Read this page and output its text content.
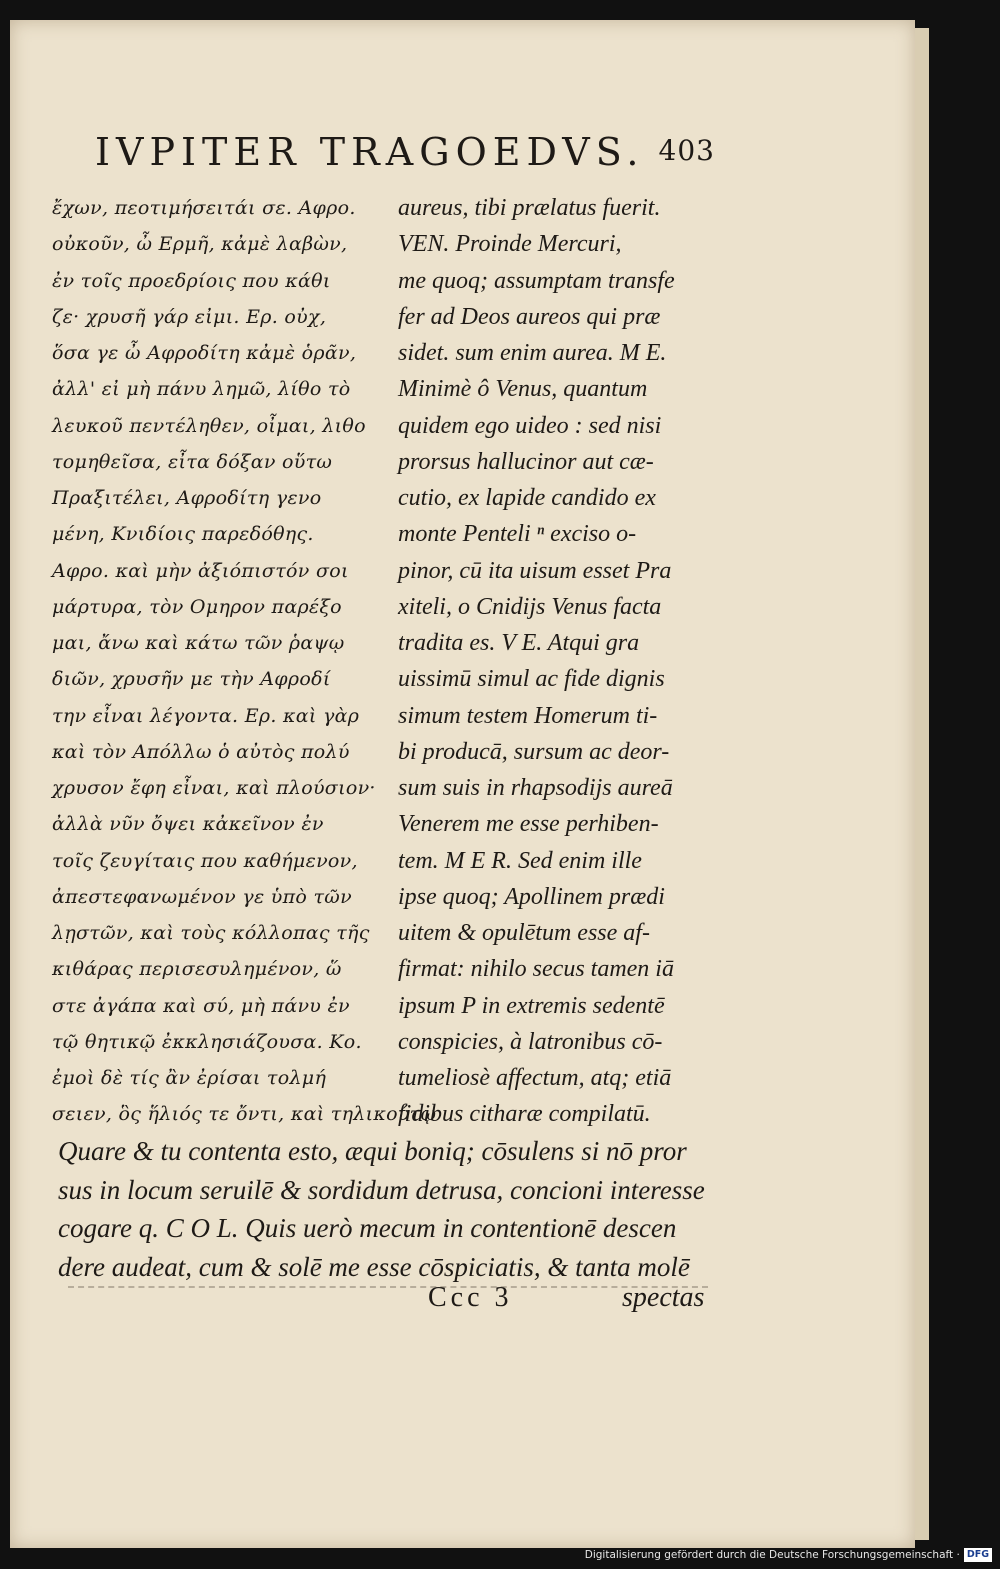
IVPITER TRAGOEDVS. 403
ἔχων, πεοτιμήσειτάι σε. Αφρο.
οὐκοῦν, ὦ Ερμῆ, κἀμὲ λαβὼν,
ἐν τοῖς προεδρίοις που κάθι
ζε· χρυσῆ γάρ εἰμι. Ερ. οὐχ,
ὅσα γε ὦ Αφροδίτη κἀμὲ ὁρᾶν,
ἀλλ' εἰ μὴ πάνυ λημῶ, λίθο τὸ
λευκοῦ πεντέληθεν, οἶμαι, λιθο
τομηθεῖσα, εἶτα δόξαν οὕτω
Πραξιτέλει, Αφροδίτη γενο
μένη, Κνιδίοις παρεδόθης.
Αφρο. καὶ μὴν ἀξιόπιστόν σοι
μάρτυρα, τὸν Ομηρον παρέξο
μαι, ἄνω καὶ κάτω τῶν ῥαψῳ
διῶν, χρυσῆν με τὴν Αφροδί
την εἶναι λέγοντα. Ερ. καὶ γὰρ
καὶ τὸν Απόλλω ὁ αὐτὸς πολύ
χρυσον ἔφη εἶναι, καὶ πλούσιον·
ἀλλὰ νῦν ὄψει κἀκεῖνον ἐν
τοῖς ζευγίταις που καθήμενον,
ἀπεστεφανωμένον γε ὑπὸ τῶν
λῃστῶν, καὶ τοὺς κόλλοπας τῆς
κιθάρας περισεσυλημένον, ὥ
στε ἀγάπα καὶ σύ, μὴ πάνυ ἐν
τῷ θητικῷ ἐκκλησιάζουσα. Κο.
ἐμοὶ δὲ τίς ἂν ἐρίσαι τολμή
σειεν, ὃς ἥλιός τε ὄντι, καὶ τηλικούτῳ
aureus, tibi prælatus fuerit.
VEN. Proinde Mercuri,
me quoq; assumptam transfe
fer ad Deos aureos qui præ
sidet. sum enim aurea. M E.
Minimè ô Venus, quantum
quidem ego uideo : sed nisi
prorsus hallucinor aut cæ-
cutio, ex lapide candido ex
monte Penteli ⁿ exciso o-
pinor, cū ita uisum esset Pra
xiteli, o Cnidijs Venus facta
tradita es. V E. Atqui gra
uissimū simul ac fide dignis
simum testem Homerum ti-
bi producā, sursum ac deor-
sum suis in rhapsodijs aureā
Venerem me esse perhiben-
tem. M E R. Sed enim ille
ipse quoq; Apollinem prædi
uitem & opulētum esse af-
firmat: nihilo secus tamen iā
ipsum P in extremis sedentē
conspicies, à latronibus cō-
tumeliosè affectum, atq; etiā
fidibus citharæ compilatū.
Quare & tu contenta esto, æqui boniq; cōsulens si nō pror
sus in locum seruilē & sordidum detrusa, concioni interesse
cogare q. C O L. Quis uerò mecum in contentionē descen
dere audeat, cum & solē me esse cōspiciatis, & tanta molē
Ccc 3	spectas
Digitalisierung gefördert durch die Deutsche Forschungsgemeinschaft · DFG
